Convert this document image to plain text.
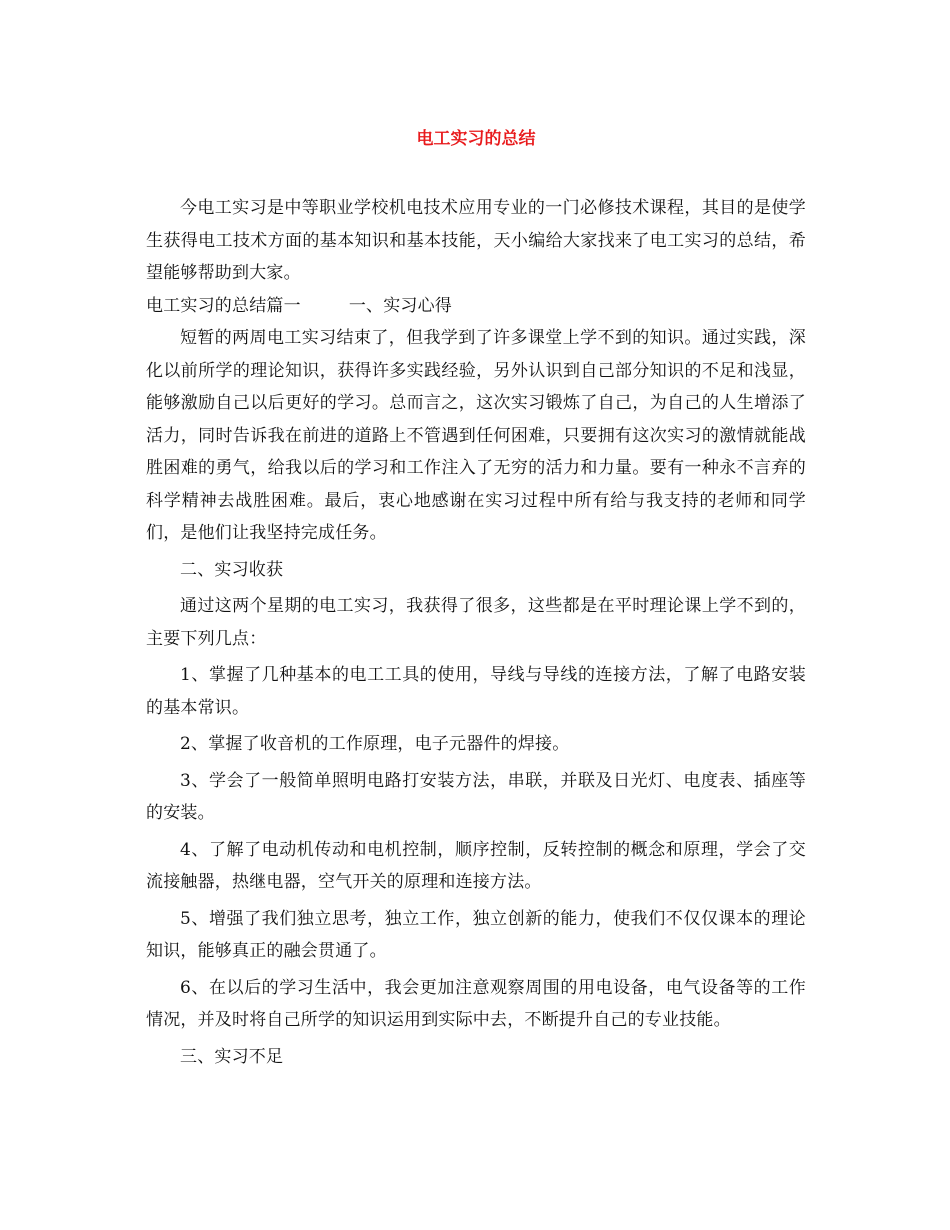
电工实习的总结

今电工实习是中等职业学校机电技术应用专业的一门必修技术课程，其目的是使学生获得电工技术方面的基本知识和基本技能，天小编给大家找来了电工实习的总结，希望能够帮助到大家。

电工实习的总结篇一	一、实习心得

短暂的两周电工实习结束了，但我学到了许多课堂上学不到的知识。通过实践，深化以前所学的理论知识，获得许多实践经验，另外认识到自己部分知识的不足和浅显，能够激励自己以后更好的学习。总而言之，这次实习锻炼了自己，为自己的人生增添了活力，同时告诉我在前进的道路上不管遇到任何困难，只要拥有这次实习的激情就能战胜困难的勇气，给我以后的学习和工作注入了无穷的活力和力量。要有一种永不言弃的科学精神去战胜困难。最后，衷心地感谢在实习过程中所有给与我支持的老师和同学们，是他们让我坚持完成任务。

二、实习收获

通过这两个星期的电工实习，我获得了很多，这些都是在平时理论课上学不到的，主要下列几点：

1、掌握了几种基本的电工工具的使用，导线与导线的连接方法，了解了电路安装的基本常识。

2、掌握了收音机的工作原理，电子元器件的焊接。

3、学会了一般简单照明电路打安装方法，串联，并联及日光灯、电度表、插座等的安装。

4、了解了电动机传动和电机控制，顺序控制，反转控制的概念和原理，学会了交流接触器，热继电器，空气开关的原理和连接方法。

5、增强了我们独立思考，独立工作，独立创新的能力，使我们不仅仅课本的理论知识，能够真正的融会贯通了。

6、在以后的学习生活中，我会更加注意观察周围的用电设备，电气设备等的工作情况，并及时将自己所学的知识运用到实际中去，不断提升自己的专业技能。

三、实习不足
